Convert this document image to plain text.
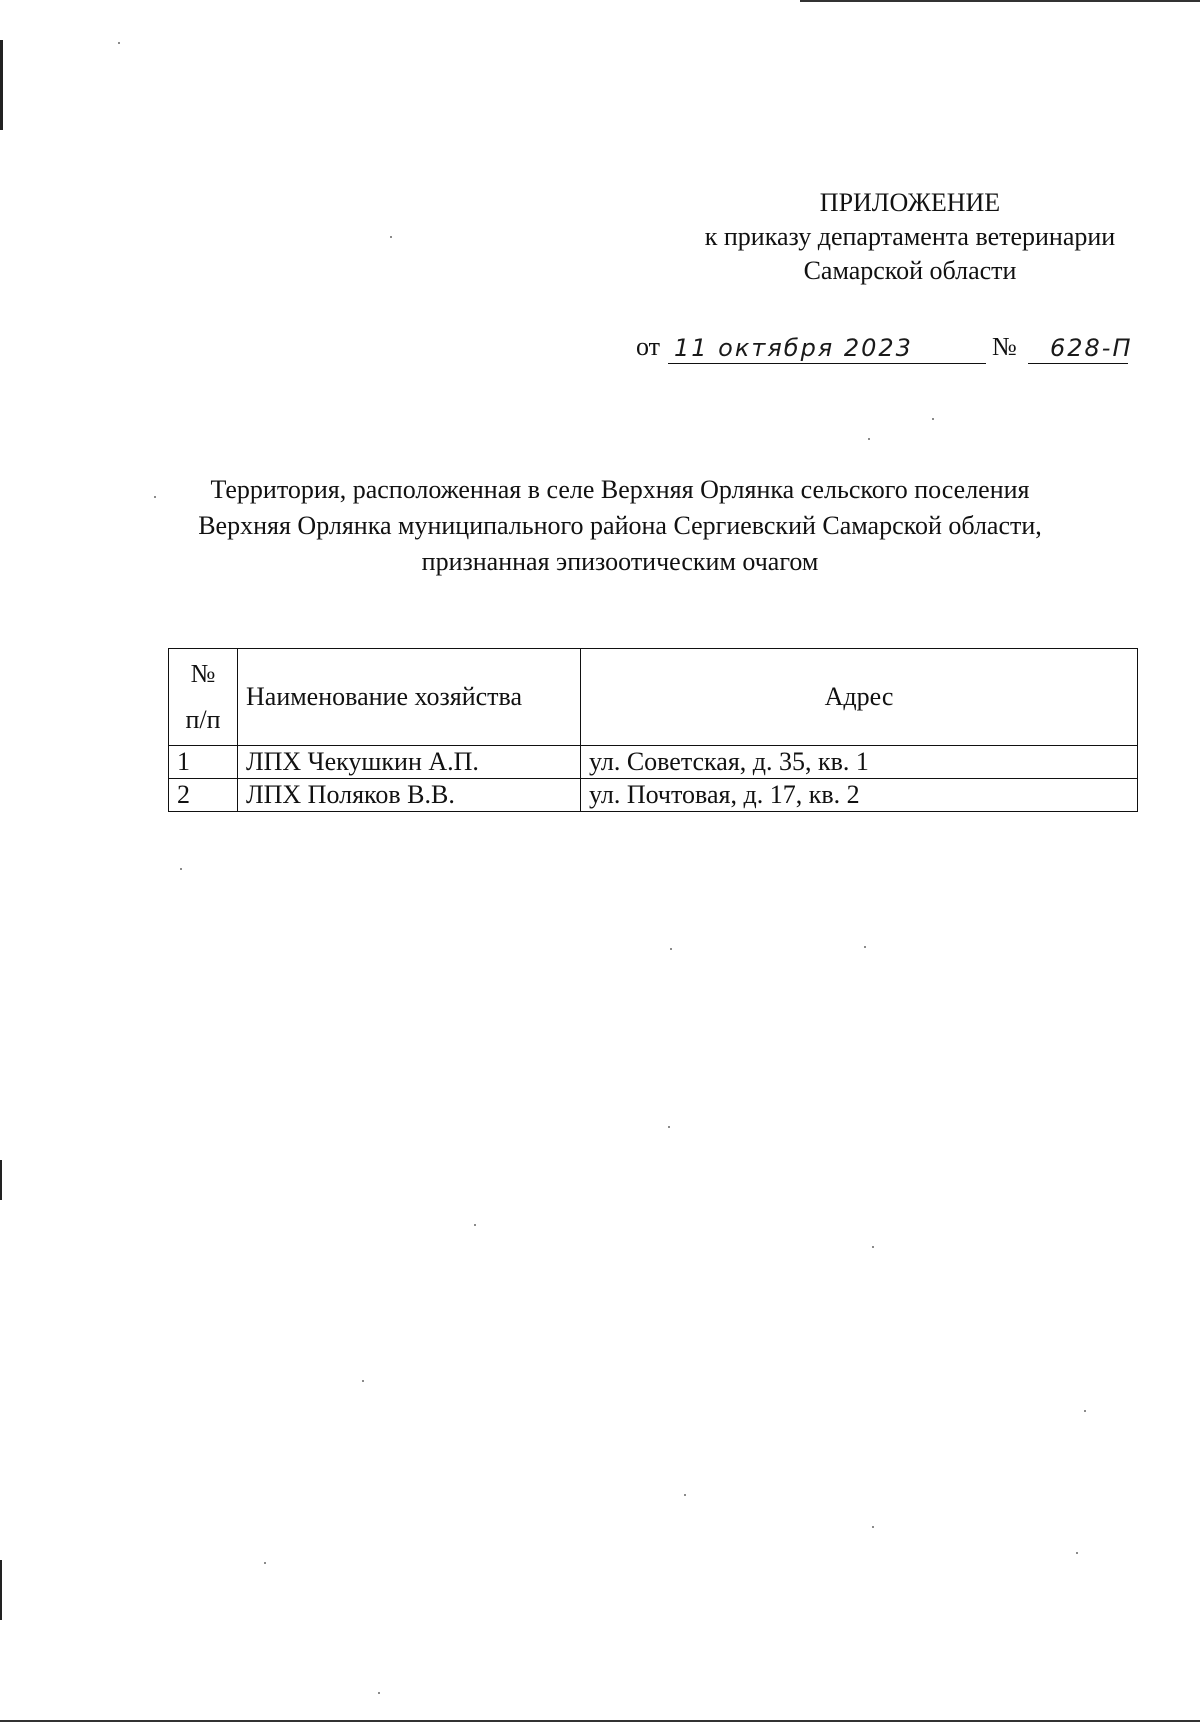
ПРИЛОЖЕНИЕ
к приказу департамента ветеринарии
Самарской области
от 11 октября 2023	№	628-П
Территория, расположенная в селе Верхняя Орлянка сельского поселения
Верхняя Орлянка муниципального района Сергиевский Самарской области,
признанная эпизоотическим очагом
№
п/п	Наименование хозяйства	Адрес
1	ЛПХ Чекушкин А.П.	ул. Советская, д. 35, кв. 1
2	ЛПХ Поляков В.В.	ул. Почтовая, д. 17, кв. 2
